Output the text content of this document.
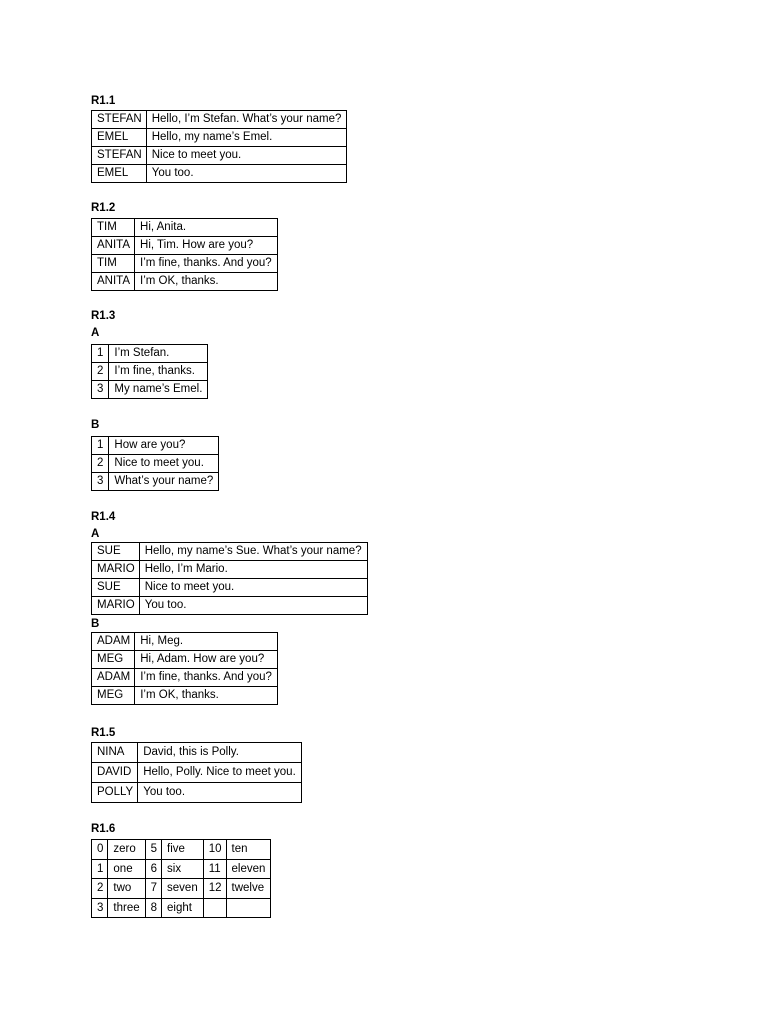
R1.1

STEFAN	Hello, I’m Stefan. What’s your name?
EMEL	Hello, my name’s Emel.
STEFAN	Nice to meet you.
EMEL	You too.

R1.2

TIM	Hi, Anita.
ANITA	Hi, Tim. How are you?
TIM	I’m fine, thanks. And you?
ANITA	I’m OK, thanks.

R1.3

A

1	I’m Stefan.
2	I’m fine, thanks.
3	My name’s Emel.

B

1	How are you?
2	Nice to meet you.
3	What’s your name?

R1.4

A

SUE	Hello, my name’s Sue. What’s your name?
MARIO	Hello, I’m Mario.
SUE	Nice to meet you.
MARIO	You too.

B

ADAM	Hi, Meg.
MEG	Hi, Adam. How are you?
ADAM	I’m fine, thanks. And you?
MEG	I’m OK, thanks.

R1.5

NINA	David, this is Polly.
DAVID	Hello, Polly. Nice to meet you.
POLLY	You too.

R1.6

0	zero	5	five	10	ten
1	one	6	six	11	eleven
2	two	7	seven	12	twelve
3	three	8	eight		
